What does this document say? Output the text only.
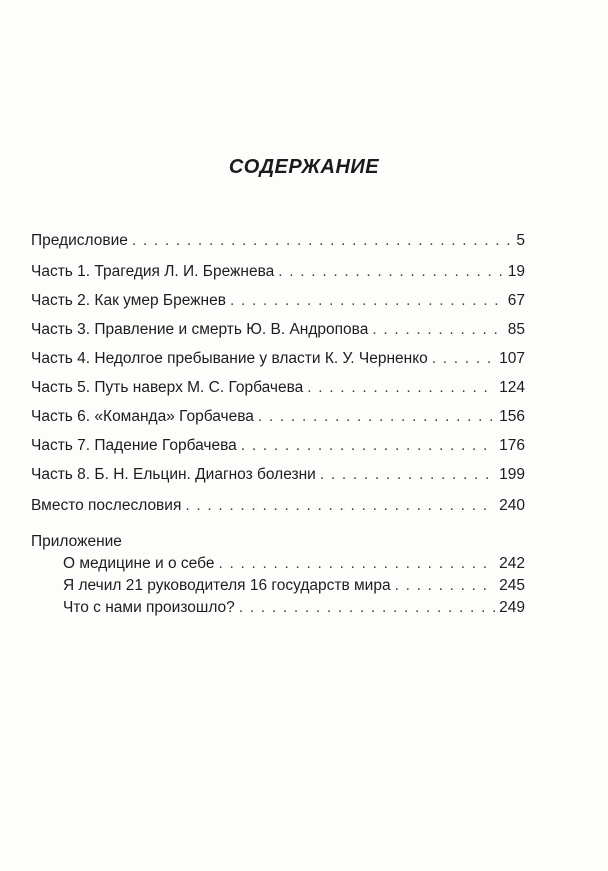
СОДЕРЖАНИЕ
Предисловие . . .	5
Часть 1. Трагедия Л. И. Брежнева . . .	19
Часть 2. Как умер Брежнев . . .	67
Часть 3. Правление и смерть Ю. В. Андропова . . .	85
Часть 4. Недолгое пребывание у власти К. У. Черненко . . .	107
Часть 5. Путь наверх М. С. Горбачева . . .	124
Часть 6. «Команда» Горбачева . . .	156
Часть 7. Падение Горбачева . . .	176
Часть 8. Б. Н. Ельцин. Диагноз болезни . . .	199
Вместо послесловия . . .	240
Приложение
О медицине и о себе . . .	242
Я лечил 21 руководителя 16 государств мира . . .	245
Что с нами произошло? . . .	249
